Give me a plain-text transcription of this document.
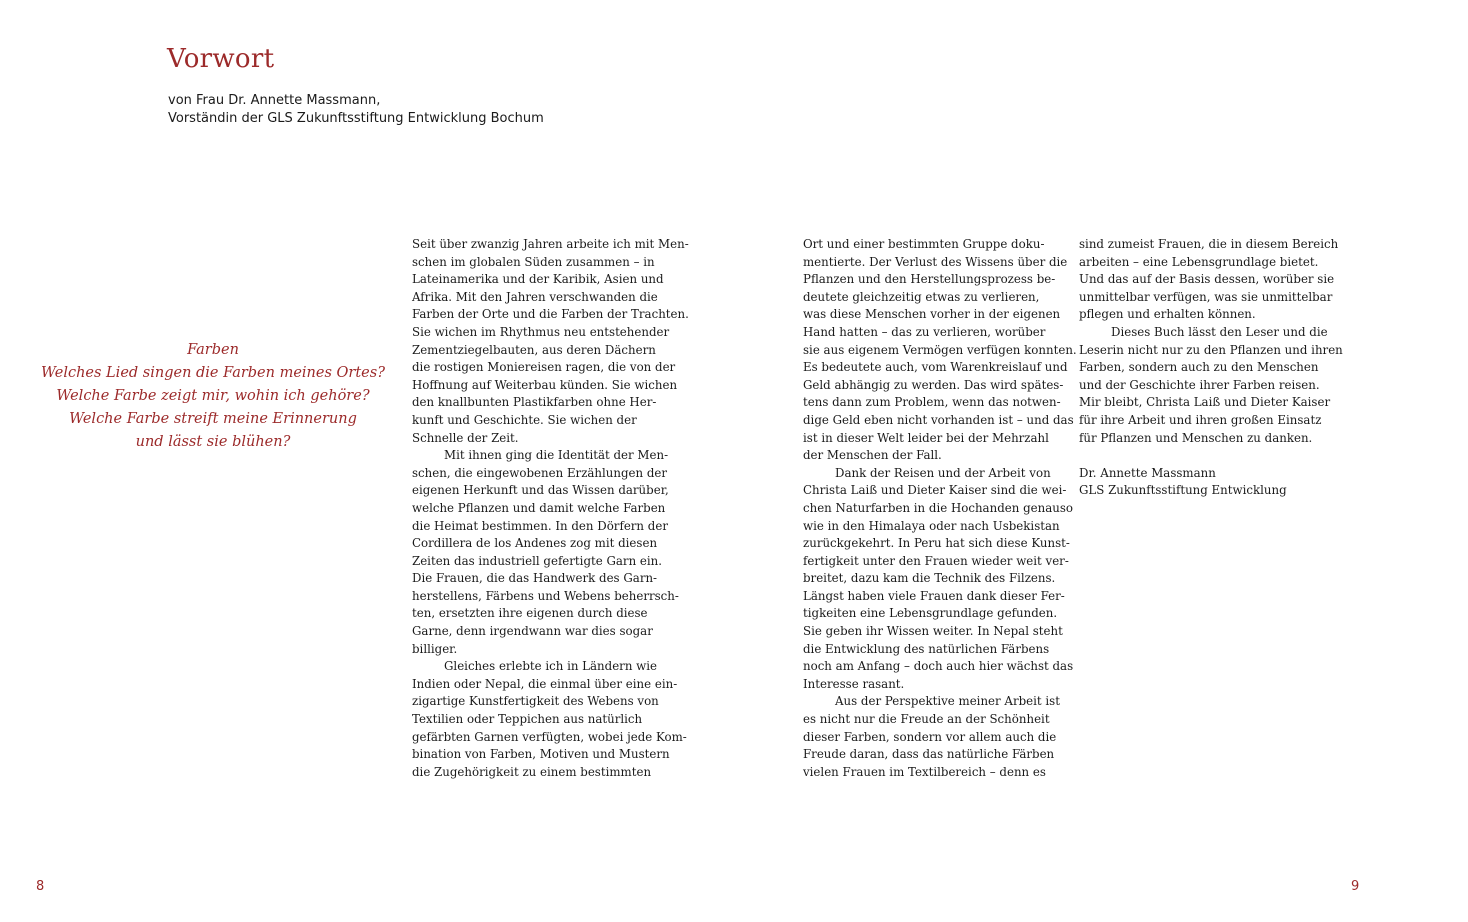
Vorwort
von Frau Dr. Annette Massmann,
Vorständin der GLS Zukunftsstiftung Entwicklung Bochum
Farben
Welches Lied singen die Farben meines Ortes?
Welche Farbe zeigt mir, wohin ich gehöre?
Welche Farbe streift meine Erinnerung
und lässt sie blühen?
Seit über zwanzig Jahren arbeite ich mit Men-
schen im globalen Süden zusammen – in
Lateinamerika und der Karibik, Asien und
Afrika. Mit den Jahren verschwanden die
Farben der Orte und die Farben der Trachten.
Sie wichen im Rhythmus neu entstehender
Zementziegelbauten, aus deren Dächern
die rostigen Moniereisen ragen, die von der
Hoffnung auf Weiterbau künden. Sie wichen
den knallbunten Plastikfarben ohne Her-
kunft und Geschichte. Sie wichen der
Schnelle der Zeit.
Mit ihnen ging die Identität der Men-
schen, die eingewobenen Erzählungen der
eigenen Herkunft und das Wissen darüber,
welche Pflanzen und damit welche Farben
die Heimat bestimmen. In den Dörfern der
Cordillera de los Andenes zog mit diesen
Zeiten das industriell gefertigte Garn ein.
Die Frauen, die das Handwerk des Garn-
herstellens, Färbens und Webens beherrsch-
ten, ersetzten ihre eigenen durch diese
Garne, denn irgendwann war dies sogar
billiger.
Gleiches erlebte ich in Ländern wie
Indien oder Nepal, die einmal über eine ein-
zigartige Kunstfertigkeit des Webens von
Textilien oder Teppichen aus natürlich
gefärbten Garnen verfügten, wobei jede Kom-
bination von Farben, Motiven und Mustern
die Zugehörigkeit zu einem bestimmten
Ort und einer bestimmten Gruppe doku-
mentierte. Der Verlust des Wissens über die
Pflanzen und den Herstellungsprozess be-
deutete gleichzeitig etwas zu verlieren,
was diese Menschen vorher in der eigenen
Hand hatten – das zu verlieren, worüber
sie aus eigenem Vermögen verfügen konnten.
Es bedeutete auch, vom Warenkreislauf und
Geld abhängig zu werden. Das wird spätes-
tens dann zum Problem, wenn das notwen-
dige Geld eben nicht vorhanden ist – und das
ist in dieser Welt leider bei der Mehrzahl
der Menschen der Fall.
Dank der Reisen und der Arbeit von
Christa Laiß und Dieter Kaiser sind die wei-
chen Naturfarben in die Hochanden genauso
wie in den Himalaya oder nach Usbekistan
zurückgekehrt. In Peru hat sich diese Kunst-
fertigkeit unter den Frauen wieder weit ver-
breitet, dazu kam die Technik des Filzens.
Längst haben viele Frauen dank dieser Fer-
tigkeiten eine Lebensgrundlage gefunden.
Sie geben ihr Wissen weiter. In Nepal steht
die Entwicklung des natürlichen Färbens
noch am Anfang – doch auch hier wächst das
Interesse rasant.
Aus der Perspektive meiner Arbeit ist
es nicht nur die Freude an der Schönheit
dieser Farben, sondern vor allem auch die
Freude daran, dass das natürliche Färben
vielen Frauen im Textilbereich – denn es
sind zumeist Frauen, die in diesem Bereich
arbeiten – eine Lebensgrundlage bietet.
Und das auf der Basis dessen, worüber sie
unmittelbar verfügen, was sie unmittelbar
pflegen und erhalten können.
Dieses Buch lässt den Leser und die
Leserin nicht nur zu den Pflanzen und ihren
Farben, sondern auch zu den Menschen
und der Geschichte ihrer Farben reisen.
Mir bleibt, Christa Laiß und Dieter Kaiser
für ihre Arbeit und ihren großen Einsatz
für Pflanzen und Menschen zu danken.
Dr. Annette Massmann
GLS Zukunftsstiftung Entwicklung
8	9
